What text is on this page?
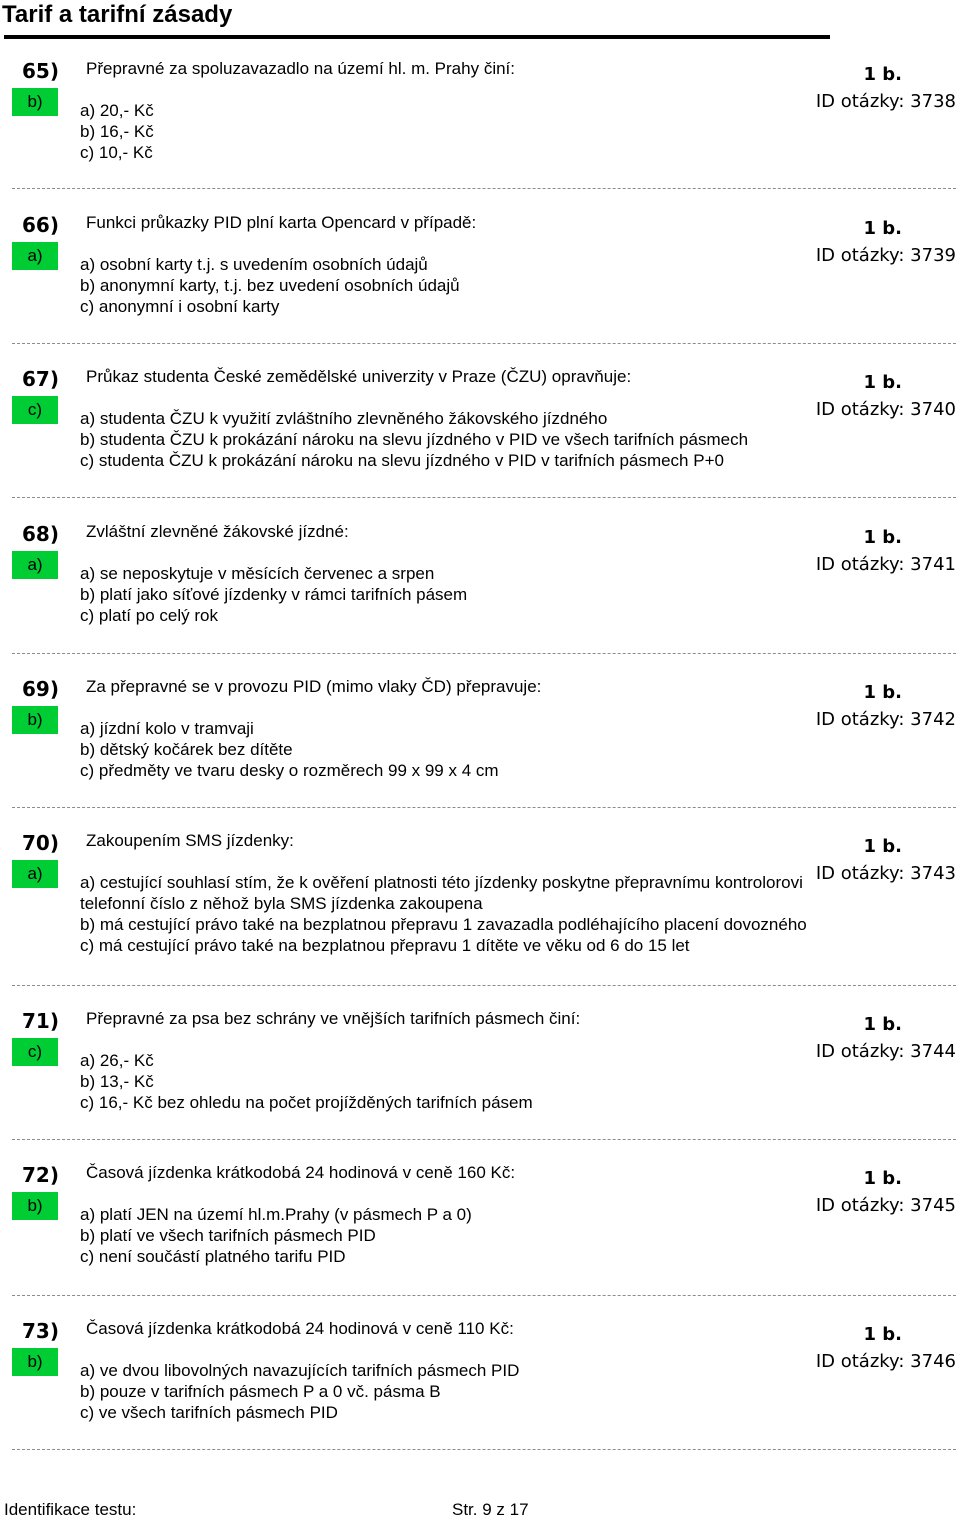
Tarif a tarifní zásady
65)
b)
Přepravné za spoluzavazadlo na území hl. m. Prahy činí:	1 b.
ID otázky: 3738
a) 20,- Kč
b) 16,- Kč
c) 10,- Kč
66)
a)
Funkci průkazky PID plní karta Opencard v případě:	1 b.
ID otázky: 3739
a) osobní karty t.j. s uvedením osobních údajů
b) anonymní karty, t.j. bez uvedení osobních údajů
c) anonymní i osobní karty
67)
c)
Průkaz studenta České zemědělské univerzity v Praze (ČZU) opravňuje:	1 b.
ID otázky: 3740
a) studenta ČZU k využití zvláštního zlevněného žákovského jízdného
b) studenta ČZU k prokázání nároku na slevu jízdného v PID ve všech tarifních pásmech
c) studenta ČZU k prokázání nároku na slevu jízdného v PID v tarifních pásmech P+0
68)
a)
Zvláštní zlevněné žákovské jízdné:	1 b.
ID otázky: 3741
a) se neposkytuje v měsících červenec a srpen
b) platí jako síťové jízdenky v rámci tarifních pásem
c) platí po celý rok
69)
b)
Za přepravné se v provozu PID (mimo vlaky ČD) přepravuje:	1 b.
ID otázky: 3742
a) jízdní kolo v tramvaji
b) dětský kočárek bez dítěte
c) předměty ve tvaru desky o rozměrech 99 x 99 x 4 cm
70)
a)
Zakoupením SMS jízdenky:	1 b.
ID otázky: 3743
a) cestující souhlasí stím, že k ověření platnosti této jízdenky poskytne přepravnímu kontrolorovi
telefonní číslo z něhož byla SMS jízdenka zakoupena
b) má cestující právo také na bezplatnou přepravu 1 zavazadla podléhajícího placení dovozného
c) má cestující právo také na bezplatnou přepravu 1 dítěte ve věku od 6 do 15 let
71)
c)
Přepravné za psa bez schrány ve vnějších tarifních pásmech činí:	1 b.
ID otázky: 3744
a) 26,- Kč
b) 13,- Kč
c) 16,- Kč bez ohledu na počet projížděných tarifních pásem
72)
b)
Časová jízdenka krátkodobá 24 hodinová v ceně 160 Kč:	1 b.
ID otázky: 3745
a) platí JEN na území hl.m.Prahy (v pásmech P a 0)
b) platí ve všech tarifních pásmech PID
c) není součástí platného tarifu PID
73)
b)
Časová jízdenka krátkodobá 24 hodinová v ceně 110 Kč:	1 b.
ID otázky: 3746
a) ve dvou libovolných navazujících tarifních pásmech PID
b) pouze v tarifních pásmech P a 0 vč. pásma B
c) ve všech tarifních pásmech PID
Identifikace testu:	Str. 9 z 17
